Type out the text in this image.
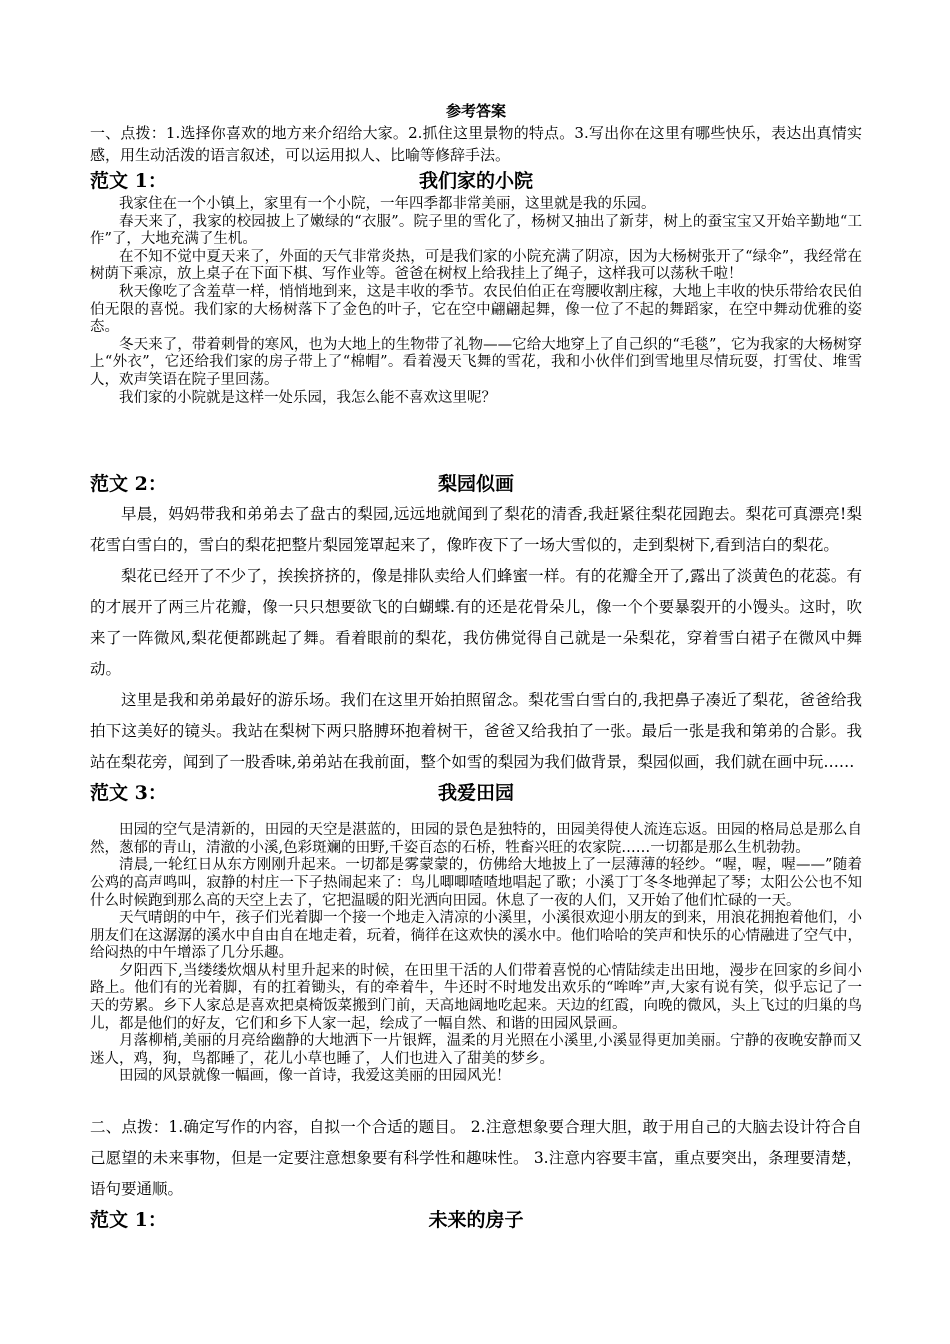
参考答案

一、点拨：1.选择你喜欢的地方来介绍给大家。2.抓住这里景物的特点。3.写出你在这里有哪些快乐，表达出真情实感，用生动活泼的语言叙述，可以运用拟人、比喻等修辞手法。

范文 1：	我们家的小院

我家住在一个小镇上，家里有一个小院，一年四季都非常美丽，这里就是我的乐园。

春天来了，我家的校园披上了嫩绿的“衣服”。院子里的雪化了，杨树又抽出了新芽，树上的蚕宝宝又开始辛勤地“工作”了，大地充满了生机。

在不知不觉中夏天来了，外面的天气非常炎热，可是我们家的小院充满了阴凉，因为大杨树张开了“绿伞”，我经常在树荫下乘凉，放上桌子在下面下棋、写作业等。爸爸在树杈上给我挂上了绳子，这样我可以荡秋千啦！

秋天像吃了含羞草一样，悄悄地到来，这是丰收的季节。农民伯伯正在弯腰收割庄稼，大地上丰收的快乐带给农民伯伯无限的喜悦。我们家的大杨树落下了金色的叶子，它在空中翩翩起舞，像一位了不起的舞蹈家，在空中舞动优雅的姿态。

冬天来了，带着刺骨的寒风，也为大地上的生物带了礼物——它给大地穿上了自己织的“毛毯”，它为我家的大杨树穿上“外衣”，它还给我们家的房子带上了“棉帽”。看着漫天飞舞的雪花，我和小伙伴们到雪地里尽情玩耍，打雪仗、堆雪人，欢声笑语在院子里回荡。

我们家的小院就是这样一处乐园，我怎么能不喜欢这里呢？

范文 2：	梨园似画

早晨，妈妈带我和弟弟去了盘古的梨园,远远地就闻到了梨花的清香,我赶紧往梨花园跑去。梨花可真漂亮!梨花雪白雪白的，雪白的梨花把整片梨园笼罩起来了，像昨夜下了一场大雪似的，走到梨树下,看到洁白的梨花。

梨花已经开了不少了，挨挨挤挤的，像是排队卖给人们蜂蜜一样。有的花瓣全开了,露出了淡黄色的花蕊。有的才展开了两三片花瓣，像一只只想要欲飞的白蝴蝶.有的还是花骨朵儿，像一个个要暴裂开的小馒头。这时，吹来了一阵微风,梨花便都跳起了舞。看着眼前的梨花，我仿佛觉得自己就是一朵梨花，穿着雪白裙子在微风中舞动。

这里是我和弟弟最好的游乐场。我们在这里开始拍照留念。梨花雪白雪白的,我把鼻子凑近了梨花，爸爸给我拍下这美好的镜头。我站在梨树下两只胳膊环抱着树干，爸爸又给我拍了一张。最后一张是我和第弟的合影。我站在梨花旁，闻到了一股香味,弟弟站在我前面，整个如雪的梨园为我们做背景，梨园似画，我们就在画中玩……

范文 3：	我爱田园

田园的空气是清新的，田园的天空是湛蓝的，田园的景色是独特的，田园美得使人流连忘返。田园的格局总是那么自然，葱郁的青山，清澈的小溪,色彩斑斓的田野,千姿百态的石桥，牲畜兴旺的农家院……一切都是那么生机勃勃。

清晨,一轮红日从东方刚刚升起来。一切都是雾蒙蒙的，仿佛给大地披上了一层薄薄的轻纱。“喔，喔，喔——”随着公鸡的高声鸣叫，寂静的村庄一下子热闹起来了：鸟儿唧唧喳喳地唱起了歌；小溪丁丁冬冬地弹起了琴；太阳公公也不知什么时候跑到那么高的天空上去了，它把温暖的阳光洒向田园。休息了一夜的人们，又开始了他们忙碌的一天。

天气晴朗的中午，孩子们光着脚一个接一个地走入清凉的小溪里，小溪很欢迎小朋友的到来，用浪花拥抱着他们，小朋友们在这潺潺的溪水中自由自在地走着，玩着，徜徉在这欢快的溪水中。他们哈哈的笑声和快乐的心情融进了空气中，给闷热的中午增添了几分乐趣。

夕阳西下,当缕缕炊烟从村里升起来的时候，在田里干活的人们带着喜悦的心情陆续走出田地，漫步在回家的乡间小路上。他们有的光着脚，有的扛着锄头，有的牵着牛，牛还时不时地发出欢乐的“哞哞”声,大家有说有笑，似乎忘记了一天的劳累。乡下人家总是喜欢把桌椅饭菜搬到门前，天高地阔地吃起来。天边的红霞，向晚的微风，头上飞过的归巢的鸟儿，都是他们的好友，它们和乡下人家一起，绘成了一幅自然、和谐的田园风景画。

月落柳梢,美丽的月亮给幽静的大地洒下一片银辉，温柔的月光照在小溪里,小溪显得更加美丽。宁静的夜晚安静而又迷人，鸡，狗，鸟都睡了，花儿小草也睡了，人们也进入了甜美的梦乡。

田园的风景就像一幅画，像一首诗，我爱这美丽的田园风光！

二、点拨：1.确定写作的内容，自拟一个合适的题目。 2.注意想象要合理大胆，敢于用自己的大脑去设计符合自己愿望的未来事物，但是一定要注意想象要有科学性和趣味性。 3.注意内容要丰富，重点要突出，条理要清楚，语句要通顺。

范文 1：	未来的房子
